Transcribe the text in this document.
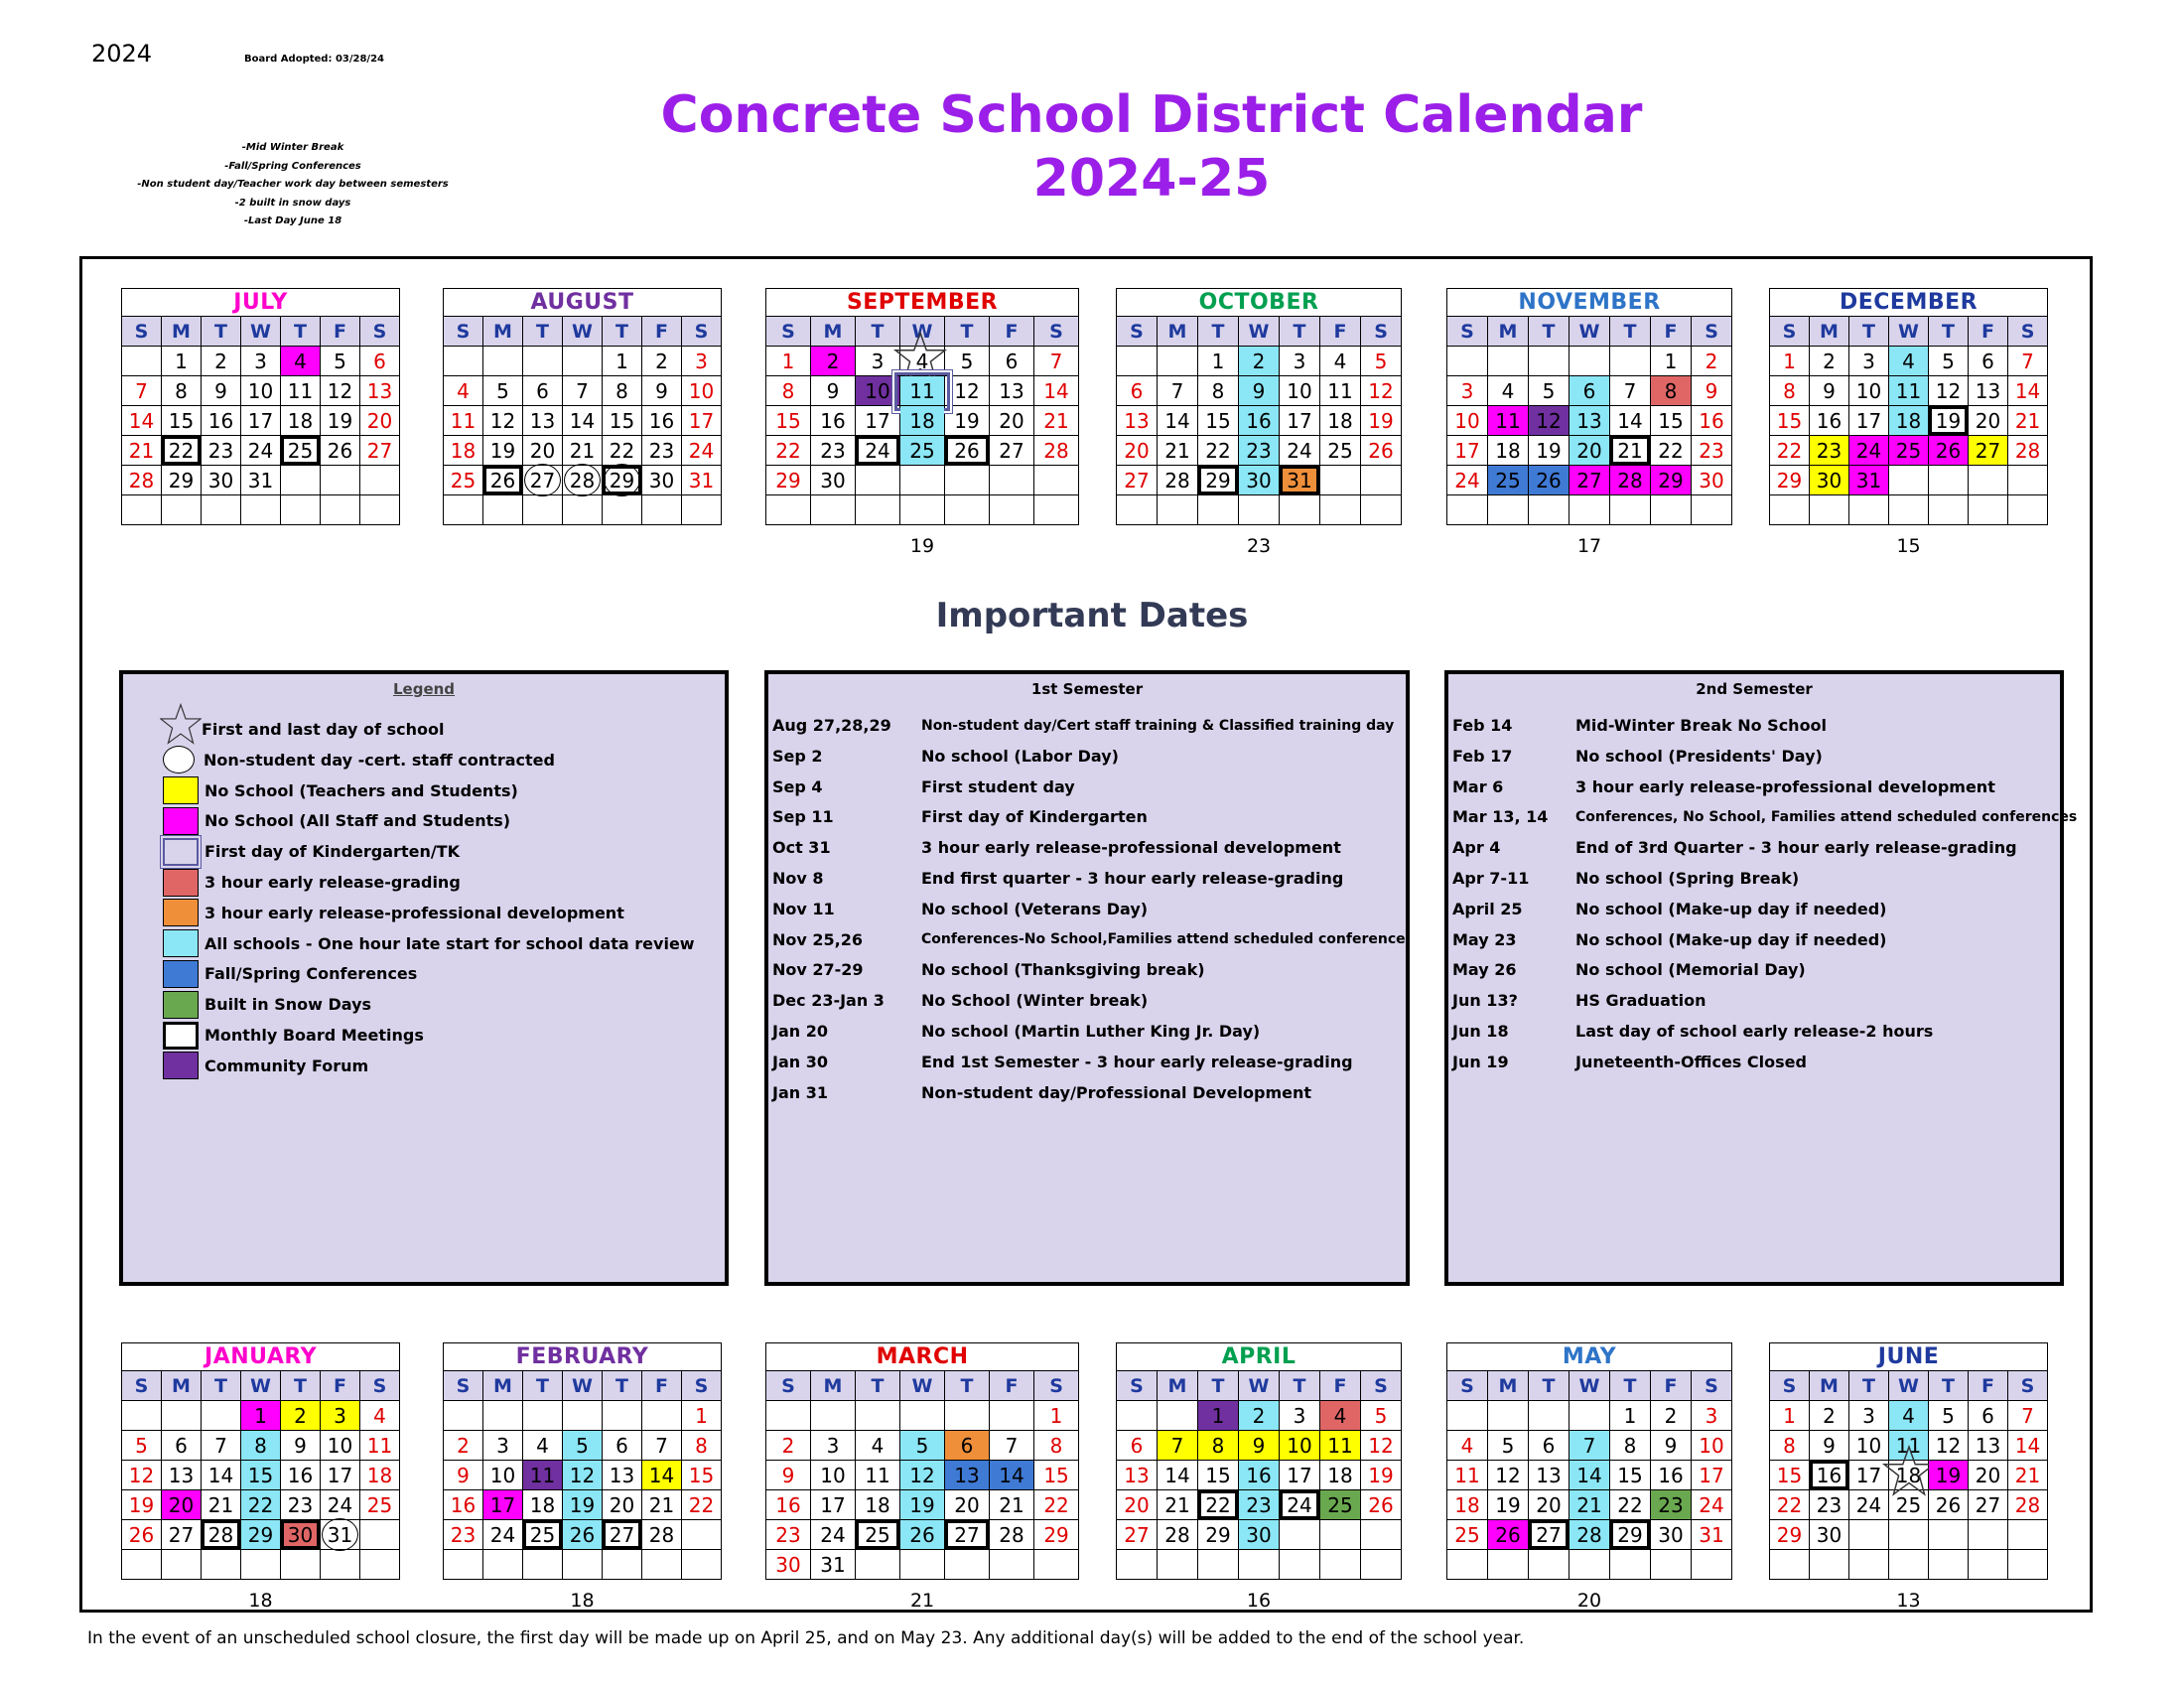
2024	Board Adopted: 03/28/24
-Mid Winter Break
-Fall/Spring Conferences
-Non student day/Teacher work day between semesters
-2 built in snow days
-Last Day June 18
Concrete School District Calendar
2024-25
JULY						
S	M	T	W	T	F	S
	1	2	3	4	5	6
7	8	9	10	11	12	13
14	15	16	17	18	19	20
21	22	23	24	25	26	27
28	29	30	31			

AUGUST						
S	M	T	W	T	F	S
				1	2	3
4	5	6	7	8	9	10
11	12	13	14	15	16	17
18	19	20	21	22	23	24
25	26	27	28	29	30	31

SEPTEMBER						
S	M	T	W	T	F	S
1	2	3	4	5	6	7
8	9	10	11	12	13	14
15	16	17	18	19	20	21
22	23	24	25	26	27	28
29	30					

19
OCTOBER						
S	M	T	W	T	F	S
		1	2	3	4	5
6	7	8	9	10	11	12
13	14	15	16	17	18	19
20	21	22	23	24	25	26
27	28	29	30	31		

23
NOVEMBER						
S	M	T	W	T	F	S
					1	2
3	4	5	6	7	8	9
10	11	12	13	14	15	16
17	18	19	20	21	22	23
24	25	26	27	28	29	30

17
DECEMBER						
S	M	T	W	T	F	S
1	2	3	4	5	6	7
8	9	10	11	12	13	14
15	16	17	18	19	20	21
22	23	24	25	26	27	28
29	30	31				

15
JANUARY						
S	M	T	W	T	F	S
			1	2	3	4
5	6	7	8	9	10	11
12	13	14	15	16	17	18
19	20	21	22	23	24	25
26	27	28	29	30	31	

18
FEBRUARY						
S	M	T	W	T	F	S
						1
2	3	4	5	6	7	8
9	10	11	12	13	14	15
16	17	18	19	20	21	22
23	24	25	26	27	28	

18
MARCH						
S	M	T	W	T	F	S
						1
2	3	4	5	6	7	8
9	10	11	12	13	14	15
16	17	18	19	20	21	22
23	24	25	26	27	28	29
30	31					
21
APRIL						
S	M	T	W	T	F	S
		1	2	3	4	5
6	7	8	9	10	11	12
13	14	15	16	17	18	19
20	21	22	23	24	25	26
27	28	29	30			

16
MAY						
S	M	T	W	T	F	S
				1	2	3
4	5	6	7	8	9	10
11	12	13	14	15	16	17
18	19	20	21	22	23	24
25	26	27	28	29	30	31

20
JUNE						
S	M	T	W	T	F	S
1	2	3	4	5	6	7
8	9	10	11	12	13	14
15	16	17	18	19	20	21
22	23	24	25	26	27	28
29	30					

13
Important Dates
Legend
First and last day of school
Non-student day -cert. staff contracted
No School (Teachers and Students)
No School (All Staff and Students)
First day of Kindergarten/TK
3 hour early release-grading
3 hour early release-professional development
All schools - One hour late start for school data review
Fall/Spring Conferences
Built in Snow Days
Monthly Board Meetings
Community Forum
1st Semester
Aug 27,28,29 Non-student day/Cert staff training & Classified training day
Sep 2	No school (Labor Day)
Sep 4	First student day
Sep 11	First day of Kindergarten
Oct 31	3 hour early release-professional development
Nov 8	End first quarter - 3 hour early release-grading
Nov 11	No school (Veterans Day)
Nov 25,26	Conferences-No School,Families attend scheduled conference
Nov 27-29	No school (Thanksgiving break)
Dec 23-Jan 3 No School (Winter break)
Jan 20	No school (Martin Luther King Jr. Day)
Jan 30	End 1st Semester - 3 hour early release-grading
Jan 31	Non-student day/Professional Development
2nd Semester
Feb 14	Mid-Winter Break No School
Feb 17	No school (Presidents' Day)
Mar 6	3 hour early release-professional development
Mar 13, 14 Conferences, No School, Families attend scheduled conferences
Apr 4	End of 3rd Quarter - 3 hour early release-grading
Apr 7-11	No school (Spring Break)
April 25	No school (Make-up day if needed)
May 23	No school (Make-up day if needed)
May 26	No school (Memorial Day)
Jun 13?	HS Graduation
Jun 18	Last day of school early release-2 hours
Jun 19	Juneteenth-Offices Closed
In the event of an unscheduled school closure, the first day will be made up on April 25, and on May 23. Any additional day(s) will be added to the end of the school year.
